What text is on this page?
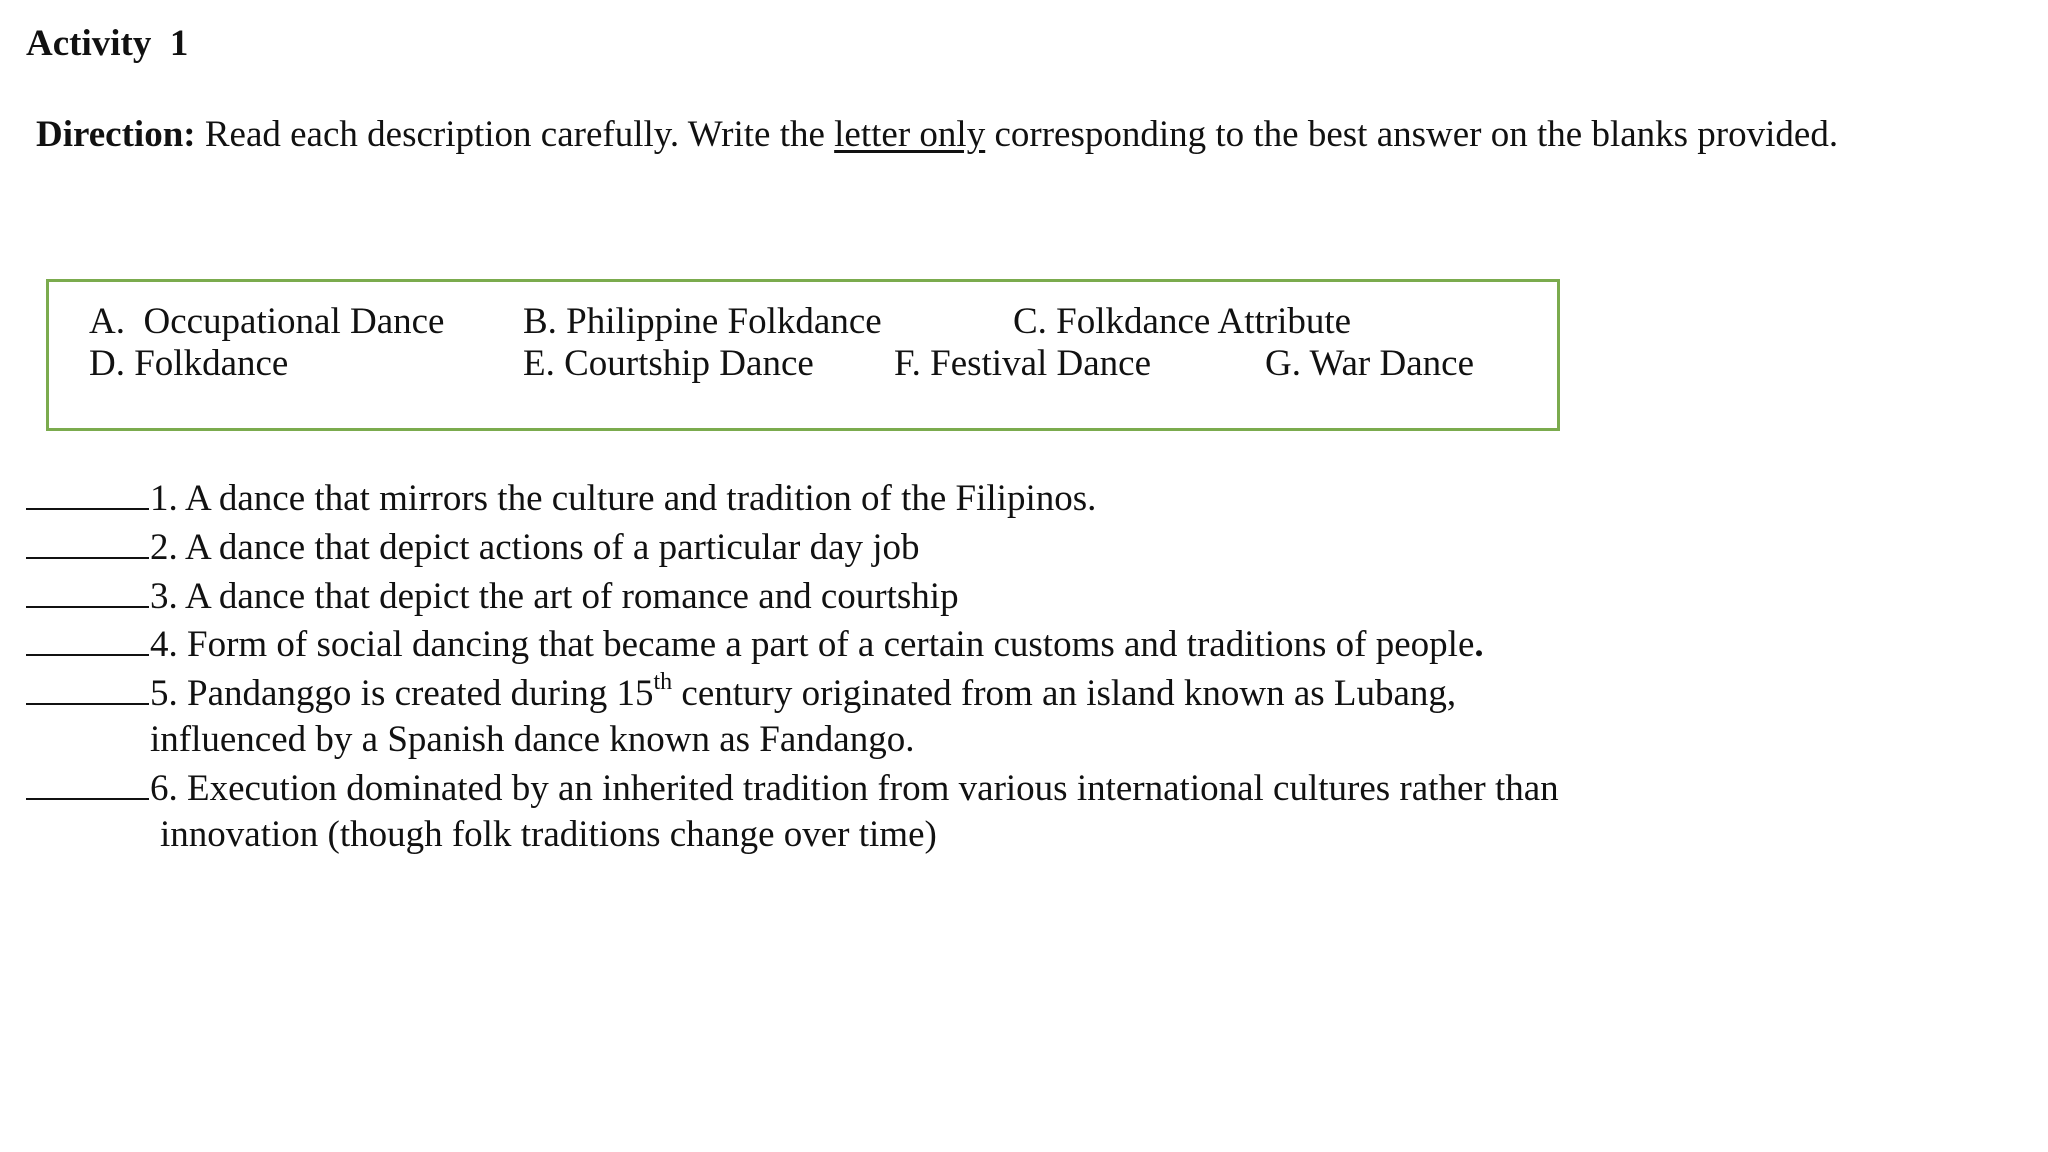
Activity  1
Direction: Read each description carefully. Write the letter only corresponding to the best answer on the blanks provided.
A.  Occupational Dance B. Philippine Folkdance	C. Folkdance Attribute
D. Folkdance	E. Courtship Dance F. Festival Dance	G. War Dance
1. A dance that mirrors the culture and tradition of the Filipinos.
2. A dance that depict actions of a particular day job
3. A dance that depict the art of romance and courtship
4. Form of social dancing that became a part of a certain customs and traditions of people.
5. Pandanggo is created during 15th century originated from an island known as Lubang,
influenced by a Spanish dance known as Fandango.
6. Execution dominated by an inherited tradition from various international cultures rather than
innovation (though folk traditions change over time)
